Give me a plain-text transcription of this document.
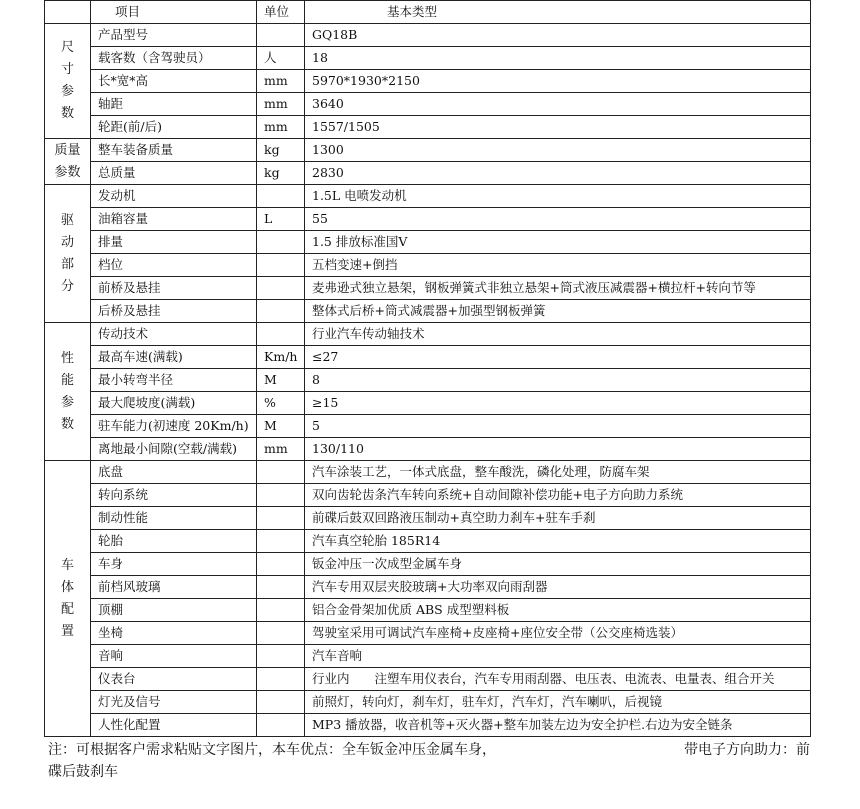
	项目	单位	基本类型

尺
寸
参
数	产品型号		GQ18B
	载客数（含驾驶员）	人	18
	长*宽*高	mm	5970*1930*2150
	轴距	mm	3640
	轮距(前/后)	mm	1557/1505

质量
参数	整车装备质量	kg	1300
	总质量	kg	2830

驱
动
部
分	发动机		1.5L 电喷发动机
	油箱容量	L	55
	排量		1.5 排放标准国Ⅴ
	档位		五档变速+倒挡
	前桥及悬挂		麦弗逊式独立悬架，钢板弹簧式非独立悬架+筒式液压减震器+横拉杆+转向节等
	后桥及悬挂		整体式后桥+筒式减震器+加强型钢板弹簧

性
能
参
数	传动技术		行业汽车传动轴技术
	最高车速(满载)	Km/h	≤27
	最小转弯半径	M	8
	最大爬坡度(满载)	%	≥15
	驻车能力(初速度 20Km/h)	M	5
	离地最小间隙(空载/满载)	mm	130/110

车
体
配
置	底盘		汽车涂装工艺，一体式底盘，整车酸洗，磷化处理，防腐车架
	转向系统		双向齿轮齿条汽车转向系统+自动间隙补偿功能+电子方向助力系统
	制动性能		前碟后鼓双回路液压制动+真空助力刹车+驻车手刹
	轮胎		汽车真空轮胎 185R14
	车身		钣金冲压一次成型金属车身
	前档风玻璃		汽车专用双层夹胶玻璃+大功率双向雨刮器
	顶棚		铝合金骨架加优质 ABS 成型塑料板
	坐椅		驾驶室采用可调试汽车座椅+皮座椅+座位安全带（公交座椅选装）
	音响		汽车音响
	仪表台		行业内　　注塑车用仪表台，汽车专用雨刮器、电压表、电流表、电量表、组合开关
	灯光及信号		前照灯，转向灯，刹车灯，驻车灯，汽车灯，汽车喇叭，后视镜
	人性化配置		MP3 播放器，收音机等+灭火器+整车加装左边为安全护栏.右边为安全链条
注：可根据客户需求粘贴文字图片，本车优点：全车钣金冲压金属车身，	带电子方向助力：前
碟后鼓刹车
